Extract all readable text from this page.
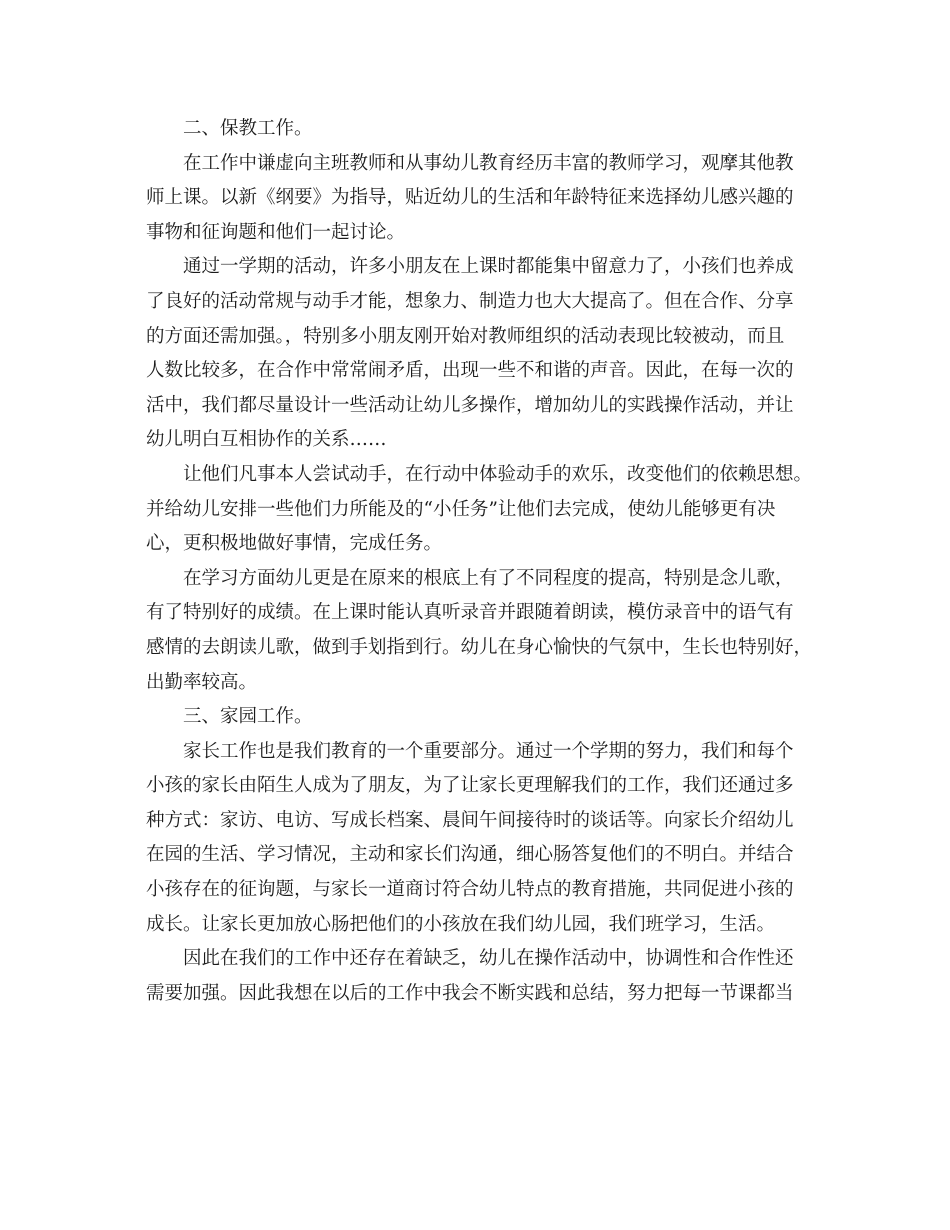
二、保教工作。
在工作中谦虚向主班教师和从事幼儿教育经历丰富的教师学习，观摩其他教
师上课。以新《纲要》为指导，贴近幼儿的生活和年龄特征来选择幼儿感兴趣的
事物和征询题和他们一起讨论。
通过一学期的活动，许多小朋友在上课时都能集中留意力了，小孩们也养成
了良好的活动常规与动手才能，想象力、制造力也大大提高了。但在合作、分享
的方面还需加强。，特别多小朋友刚开始对教师组织的活动表现比较被动，而且
人数比较多，在合作中常常闹矛盾，出现一些不和谐的声音。因此，在每一次的
活中，我们都尽量设计一些活动让幼儿多操作，增加幼儿的实践操作活动，并让
幼儿明白互相协作的关系……
让他们凡事本人尝试动手，在行动中体验动手的欢乐，改变他们的依赖思想。
并给幼儿安排一些他们力所能及的“小任务”让他们去完成，使幼儿能够更有决
心，更积极地做好事情，完成任务。
在学习方面幼儿更是在原来的根底上有了不同程度的提高，特别是念儿歌，
有了特别好的成绩。在上课时能认真听录音并跟随着朗读，模仿录音中的语气有
感情的去朗读儿歌，做到手划指到行。幼儿在身心愉快的气氛中，生长也特别好，
出勤率较高。
三、家园工作。
家长工作也是我们教育的一个重要部分。通过一个学期的努力，我们和每个
小孩的家长由陌生人成为了朋友，为了让家长更理解我们的工作，我们还通过多
种方式：家访、电访、写成长档案、晨间午间接待时的谈话等。向家长介绍幼儿
在园的生活、学习情况，主动和家长们沟通，细心肠答复他们的不明白。并结合
小孩存在的征询题，与家长一道商讨符合幼儿特点的教育措施，共同促进小孩的
成长。让家长更加放心肠把他们的小孩放在我们幼儿园，我们班学习，生活。
因此在我们的工作中还存在着缺乏，幼儿在操作活动中，协调性和合作性还
需要加强。因此我想在以后的工作中我会不断实践和总结，努力把每一节课都当
